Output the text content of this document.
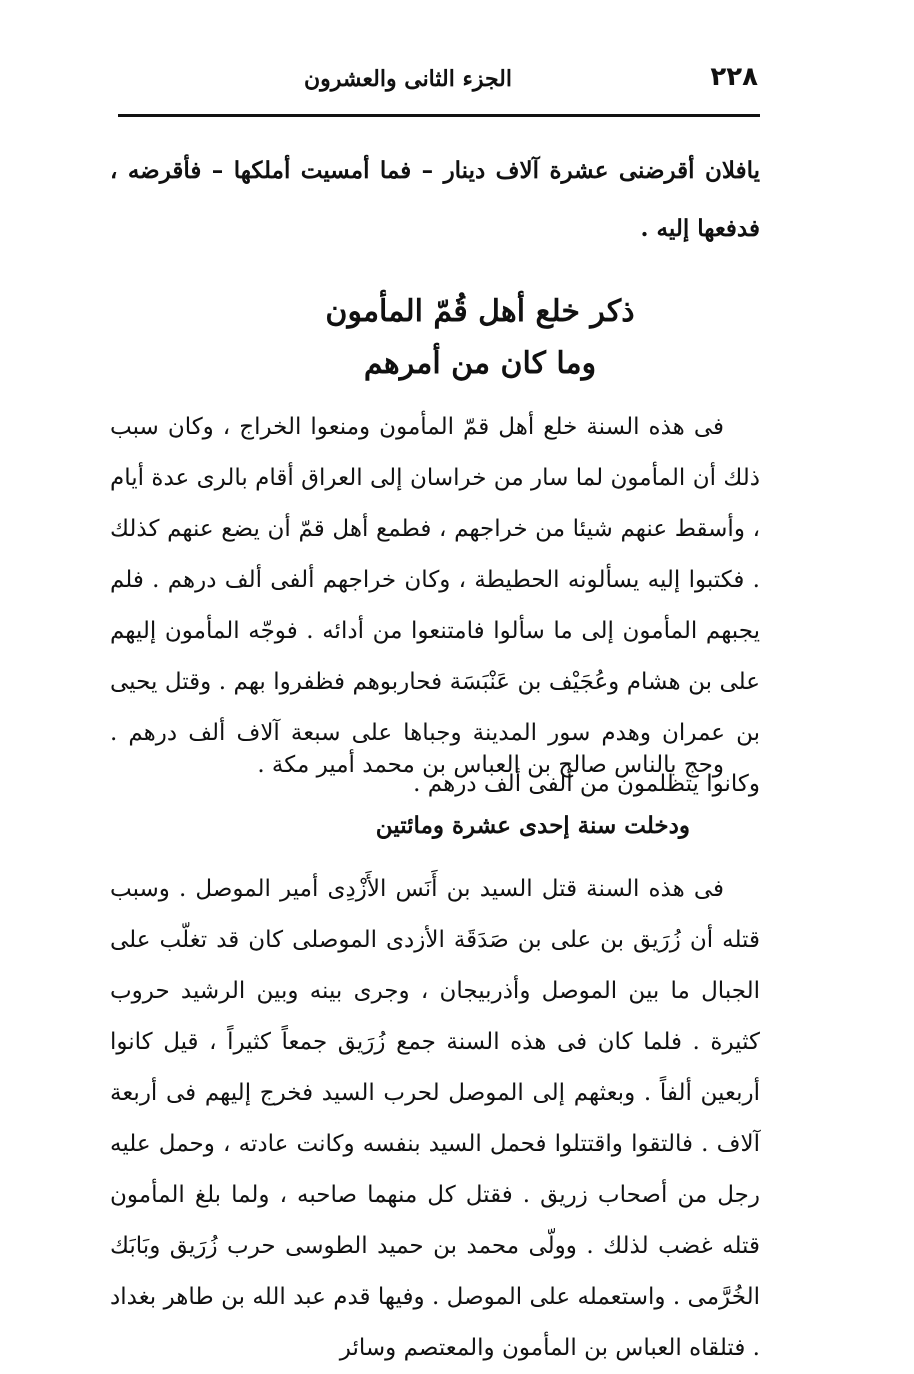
٢٢٨
الجزء الثانى والعشرون

يافلان أقرضنى عشرة آلاف دينار – فما أمسيت أملكها – فأقرضه ، فدفعها إليه .

ذكر خلع أهل قُمّ المأمون
وما كان من أمرهم

فى هذه السنة خلع أهل قمّ المأمون ومنعوا الخراج ، وكان سبب ذلك أن المأمون لما سار من خراسان إلى العراق أقام بالرى عدة أيام ، وأسقط عنهم شيئا من خراجهم ، فطمع أهل قمّ أن يضع عنهم كذلك . فكتبوا إليه يسألونه الحطيطة ، وكان خراجهم ألفى ألف درهم . فلم يجبهم المأمون إلى ما سألوا فامتنعوا من أدائه . فوجّه المأمون إليهم على بن هشام وعُجَيْف بن عَنْبَسَة فحاربوهم فظفروا بهم . وقتل يحيى بن عمران وهدم سور المدينة وجباها على سبعة آلاف ألف درهم . وكانوا يتظلمون من ألفى ألف درهم .

وحج بالناس صالح بن العباس بن محمد أمير مكة .
ودخلت سنة إحدى عشرة ومائتين

فى هذه السنة قتل السيد بن أَنَس الأَزْدِى أمير الموصل . وسبب قتله أن زُرَيق بن على بن صَدَقَة الأزدى الموصلى كان قد تغلّب على الجبال ما بين الموصل وأذربيجان ، وجرى بينه وبين الرشيد حروب كثيرة . فلما كان فى هذه السنة جمع زُرَيق جمعاً كثيراً ، قيل كانوا أربعين ألفاً . وبعثهم إلى الموصل لحرب السيد فخرج إليهم فى أربعة آلاف . فالتقوا واقتتلوا فحمل السيد بنفسه وكانت عادته ، وحمل عليه رجل من أصحاب زريق . فقتل كل منهما صاحبه ، ولما بلغ المأمون قتله غضب لذلك . وولّى محمد بن حميد الطوسى حرب زُرَيق وبَابَك الخُرَّمى . واستعمله على الموصل . وفيها قدم عبد الله بن طاهر بغداد . فتلقاه العباس بن المأمون والمعتصم وسائر
